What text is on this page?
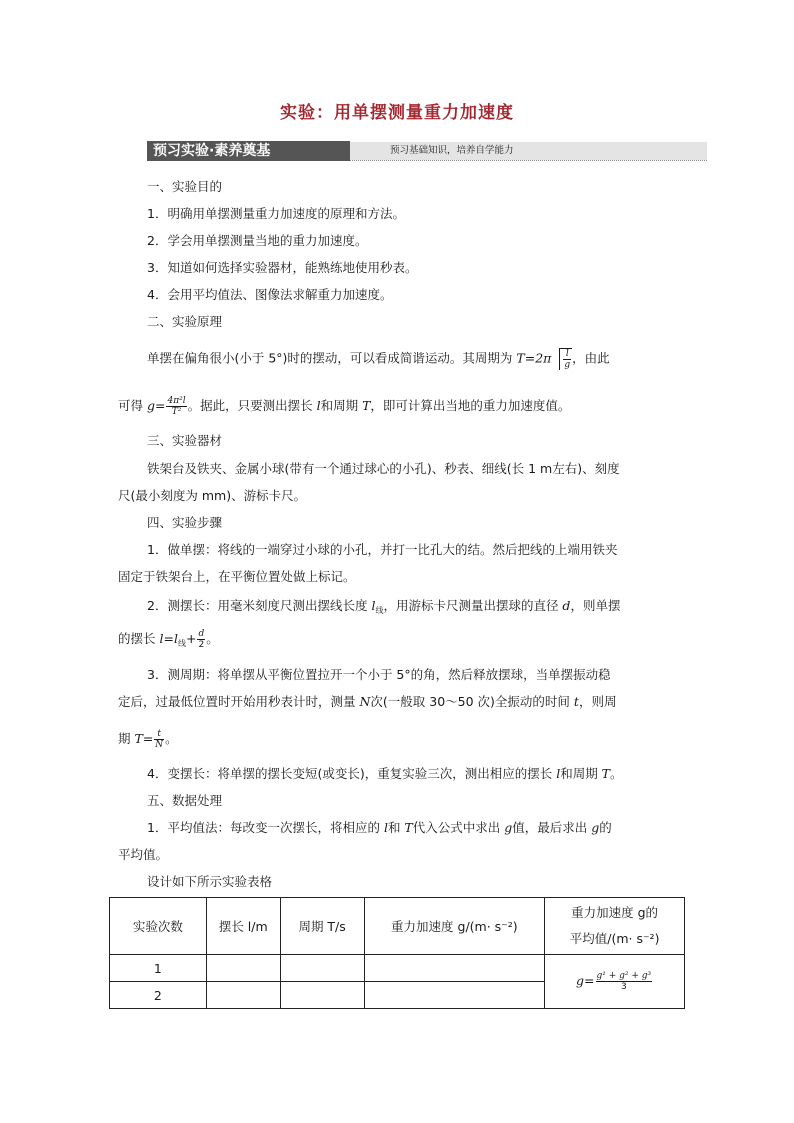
实验：用单摆测量重力加速度
预习实验·素养奠基	预习基础知识，培养自学能力
一、实验目的
1．明确用单摆测量重力加速度的原理和方法。
2．学会用单摆测量当地的重力加速度。
3．知道如何选择实验器材，能熟练地使用秒表。
4．会用平均值法、图像法求解重力加速度。
二、实验原理
单摆在偏角很小(小于 5°)时的摆动，可以看成简谐运动。其周期为 $T=2\pi \frac{l}{g}$ ，由此
可得 $g= \frac{\text{4π²l}}{\text{T²}}$ 。据此，只要测出摆长 l和周期 T，即可计算出当地的重力加速度值。
三、实验器材
铁架台及铁夹、金属小球(带有一个通过球心的小孔)、秒表、细线(长 1 m左右)、刻度
尺(最小刻度为 mm)、游标卡尺。
四、实验步骤
1．做单摆：将线的一端穿过小球的小孔，并打一比孔大的结。然后把线的上端用铁夹
固定于铁架台上，在平衡位置处做上标记。
2．测摆长：用毫米刻度尺测出摆线长度 $l_线$，用游标卡尺测量出摆球的直径 d，则单摆
的摆长 $l=l_线+ \frac{d}{2}$ 。
3．测周期：将单摆从平衡位置拉开一个小于 5°的角，然后释放摆球，当单摆振动稳
定后，过最低位置时开始用秒表计时，测量 N次(一般取 30～50 次)全振动的时间 t，则周
期 $T= \frac{t}{N}$ 。
4．变摆长：将单摆的摆长变短(或变长)，重复实验三次，测出相应的摆长 l和周期 T。
五、数据处理
1．平均值法：每改变一次摆长，将相应的 l和 T代入公式中求出 g值，最后求出 g的
平均值。
设计如下所示实验表格
实验次数	摆长 l/m	周期 T/s	重力加速度 g/(m· s⁻²)	重力加速度 g的
平均值/(m· s⁻²)

1				$g= \frac{\text{g¹ + g² + g³}}{3}$

2				
